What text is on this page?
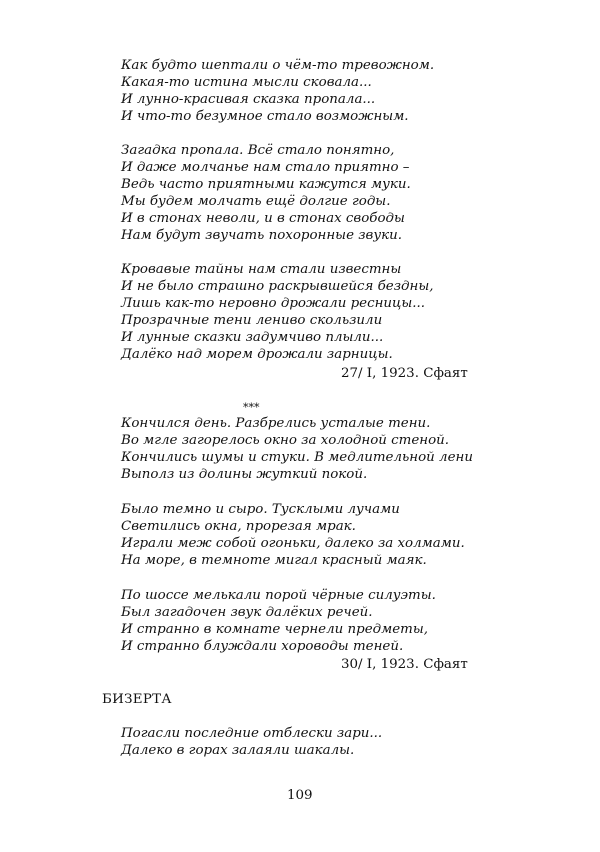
Как будто шептали о чём-то тревожном.
Какая-то истина мысли сковала...
И лунно-красивая сказка пропала...
И что-то безумное стало возможным.
Загадка пропала. Всё стало понятно,
И даже молчанье нам стало приятно –
Ведь часто приятными кажутся муки.
Мы будем молчать ещё долгие годы.
И в стонах неволи, и в стонах свободы
Нам будут звучать похоронные звуки.
Кровавые тайны нам стали известны
И не было страшно раскрывшейся бездны,
Лишь как-то неровно дрожали ресницы...
Прозрачные тени лениво скользили
И лунные сказки задумчиво плыли...
Далёко над морем дрожали зарницы.
27/ I, 1923. Сфаят
***
Кончился день. Разбрелись усталые тени.
Во мгле загорелось окно за холодной стеной.
Кончились шумы и стуки. В медлительной лени
Выполз из долины жуткий покой.
Было темно и сыро. Тусклыми лучами
Светились окна, прорезая мрак.
Играли меж собой огоньки, далеко за холмами.
На море, в темноте мигал красный маяк.
По шоссе мелькали порой чёрные силуэты.
Был загадочен звук далёких речей.
И странно в комнате чернели предметы,
И странно блуждали хороводы теней.
30/ I, 1923. Сфаят
БИЗЕРТА
Погасли последние отблески зари...
Далеко в горах залаяли шакалы.
109
